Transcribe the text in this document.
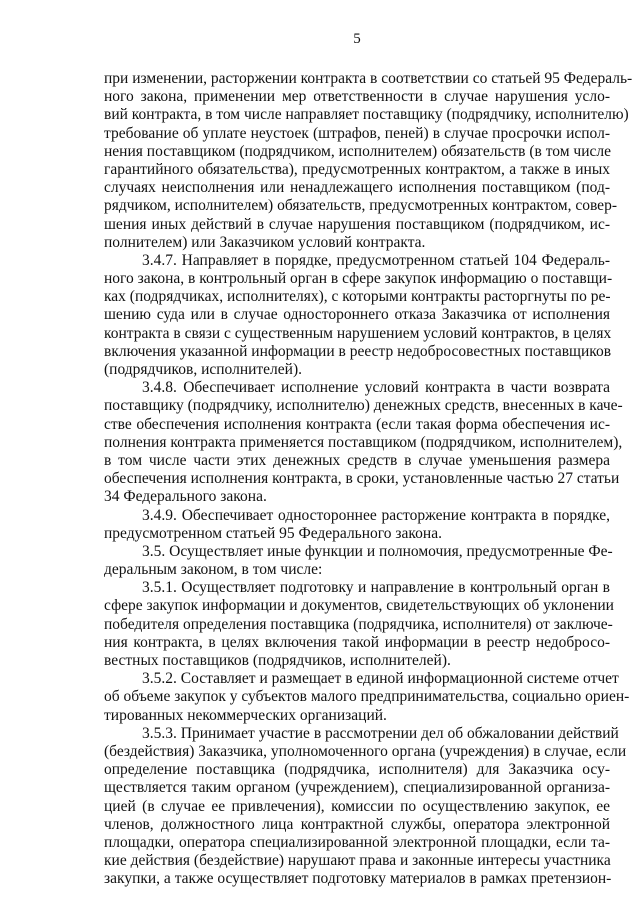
5
при изменении, расторжении контракта в соответствии со статьей 95 Федераль-
ного закона, применении мер ответственности в случае нарушения усло-
вий контракта, в том числе направляет поставщику (подрядчику, исполнителю)
требование об уплате неустоек (штрафов, пеней) в случае просрочки испол-
нения поставщиком (подрядчиком, исполнителем) обязательств (в том числе
гарантийного обязательства), предусмотренных контрактом, а также в иных
случаях неисполнения или ненадлежащего исполнения поставщиком (под-
рядчиком, исполнителем) обязательств, предусмотренных контрактом, совер-
шения иных действий в случае нарушения поставщиком (подрядчиком, ис-
полнителем) или Заказчиком условий контракта.
3.4.7. Направляет в порядке, предусмотренном статьей 104 Федераль-
ного закона, в контрольный орган в сфере закупок информацию о поставщи-
ках (подрядчиках, исполнителях), с которыми контракты расторгнуты по ре-
шению суда или в случае одностороннего отказа Заказчика от исполнения
контракта в связи с существенным нарушением условий контрактов, в целях
включения указанной информации в реестр недобросовестных поставщиков
(подрядчиков, исполнителей).
3.4.8. Обеспечивает исполнение условий контракта в части возврата
поставщику (подрядчику, исполнителю) денежных средств, внесенных в каче-
стве обеспечения исполнения контракта (если такая форма обеспечения ис-
полнения контракта применяется поставщиком (подрядчиком, исполнителем),
в том числе части этих денежных средств в случае уменьшения размера
обеспечения исполнения контракта, в сроки, установленные частью 27 статьи
34 Федерального закона.
3.4.9. Обеспечивает одностороннее расторжение контракта в порядке,
предусмотренном статьей 95 Федерального закона.
3.5. Осуществляет иные функции и полномочия, предусмотренные Фе-
деральным законом, в том числе:
3.5.1. Осуществляет подготовку и направление в контрольный орган в
сфере закупок информации и документов, свидетельствующих об уклонении
победителя определения поставщика (подрядчика, исполнителя) от заключе-
ния контракта, в целях включения такой информации в реестр недобросо-
вестных поставщиков (подрядчиков, исполнителей).
3.5.2. Составляет и размещает в единой информационной системе отчет
об объеме закупок у субъектов малого предпринимательства, социально ориен-
тированных некоммерческих организаций.
3.5.3. Принимает участие в рассмотрении дел об обжаловании действий
(бездействия) Заказчика, уполномоченного органа (учреждения) в случае, если
определение поставщика (подрядчика, исполнителя) для Заказчика осу-
ществляется таким органом (учреждением), специализированной организа-
цией (в случае ее привлечения), комиссии по осуществлению закупок, ее
членов, должностного лица контрактной службы, оператора электронной
площадки, оператора специализированной электронной площадки, если та-
кие действия (бездействие) нарушают права и законные интересы участника
закупки, а также осуществляет подготовку материалов в рамках претензион-
